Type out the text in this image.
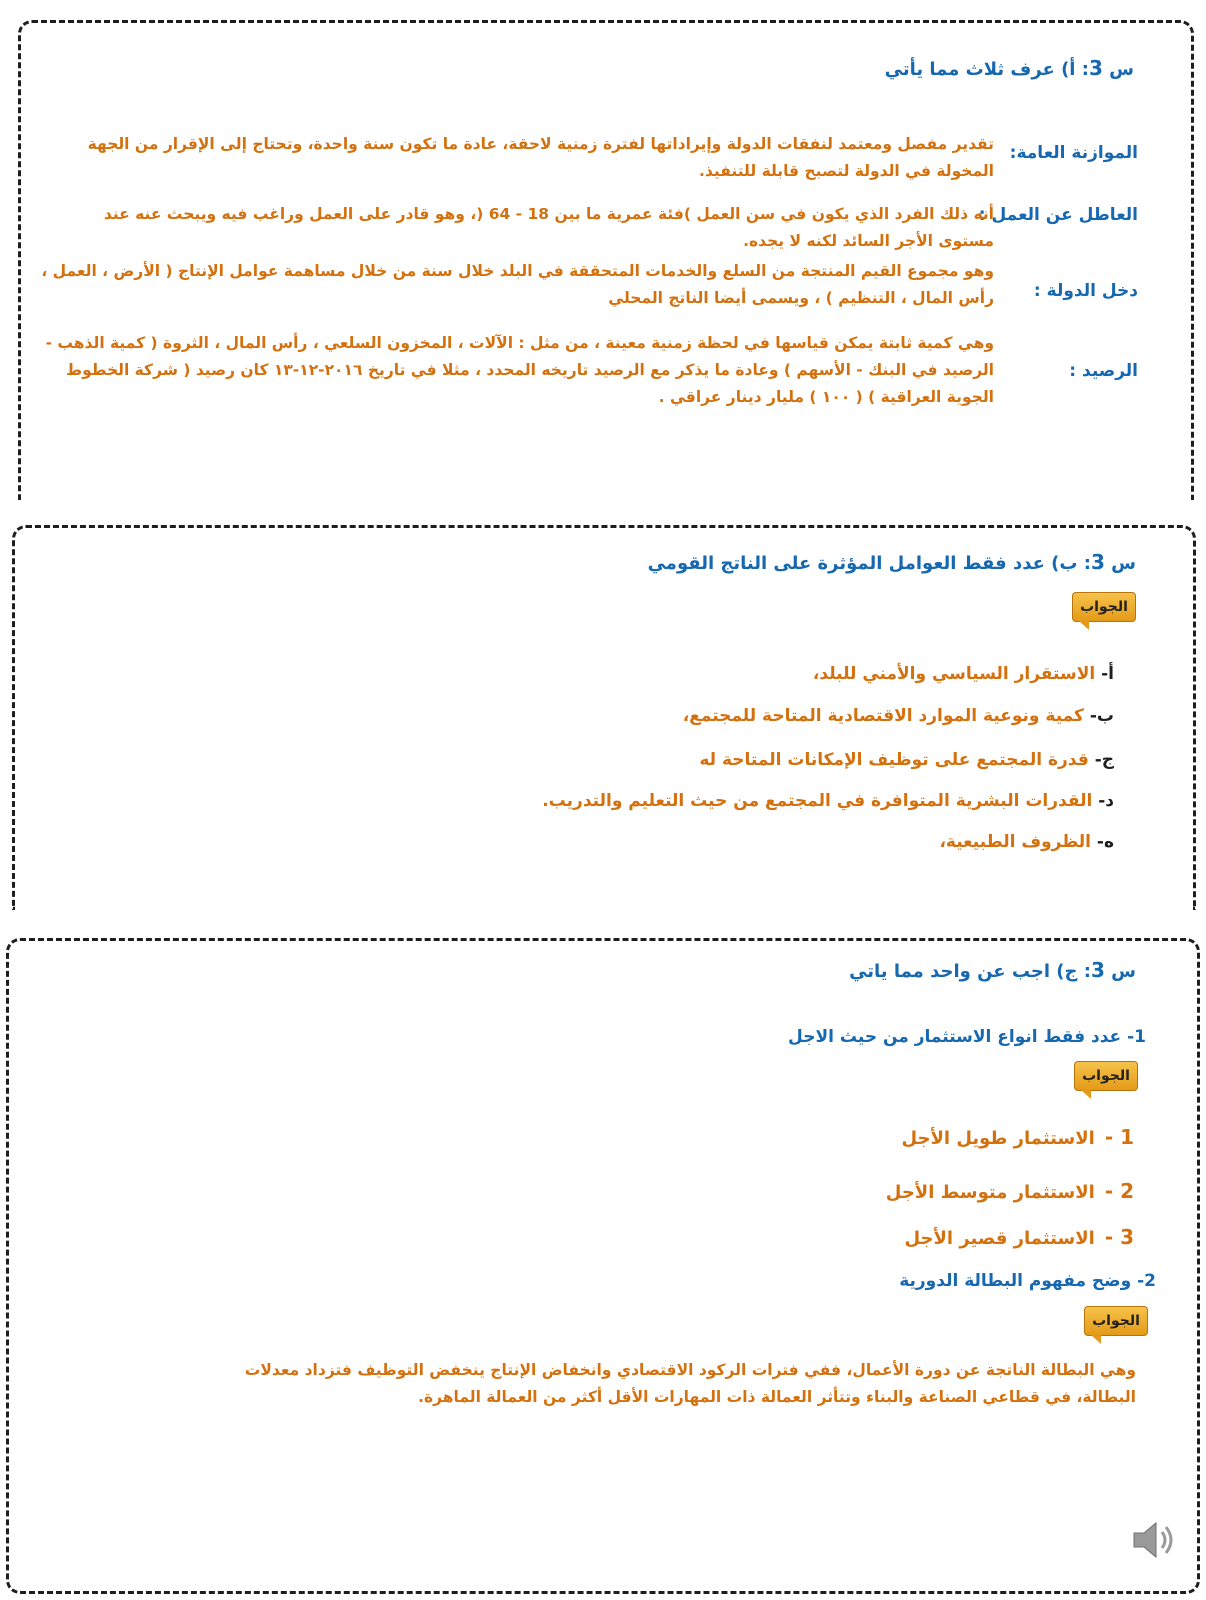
س 3: أ) عرف ثلاث مما يأتي
الموازنة العامة:
تقدير مفصل ومعتمد لنفقات الدولة وإيراداتها لفترة زمنية لاحقة، عادة ما تكون سنة واحدة، وتحتاج إلى الإقرار من الجهة
المخولة في الدولة لتصبح قابلة للتنفيذ.
العاطل عن العمل :
أنه ذلك الفرد الذي يكون في سن العمل )فئة عمرية ما بين 18 - 64 (، وهو قادر على العمل وراغب فيه ويبحث عنه عند
مستوى الأجر السائد لكنه لا يجده.
دخل الدولة :
وهو مجموع القيم المنتجة من السلع والخدمات المتحققة في البلد خلال سنة من خلال مساهمة عوامل الإنتاج ( الأرض ، العمل ،
رأس المال ، التنظيم ) ، ويسمى أيضا الناتج المحلي
الرصيد :
وهي كمية ثابتة يمكن قياسها في لحظة زمنية معينة ، من مثل : الآلات ، المخزون السلعي ، رأس المال ، الثروة ( كمية الذهب -
الرصيد في البنك - الأسهم ) وعادة ما يذكر مع الرصيد تاريخه المحدد ، مثلا في تاريخ ٢٠١٦-١٢-١٣ كان رصيد ( شركة الخطوط
الجوية العراقية ) ( ١٠٠ ) مليار دينار عراقي .
س 3: ب) عدد فقط العوامل المؤثرة على الناتج القومي
الجواب
أ- الاستقرار السياسي والأمني للبلد،
ب- كمية ونوعية الموارد الاقتصادية المتاحة للمجتمع،
ج- قدرة المجتمع على توظيف الإمكانات المتاحة له
د- القدرات البشرية المتوافرة في المجتمع من حيث التعليم والتدريب.
ه- الظروف الطبيعية،
س 3: ج) اجب عن واحد مما ياتي
1- عدد فقط انواع الاستثمار من حيث الاجل
الجواب
1 -الاستثمار طويل الأجل
2 -الاستثمار متوسط الأجل
3 -الاستثمار قصير الأجل
2- وضح مفهوم البطالة الدورية
الجواب
وهي البطالة الناتجة عن دورة الأعمال، ففي فترات الركود الاقتصادي وانخفاض الإنتاج ينخفض التوظيف فتزداد معدلات
البطالة، في قطاعي الصناعة والبناء وتتأثر العمالة ذات المهارات الأقل أكثر من العمالة الماهرة.
